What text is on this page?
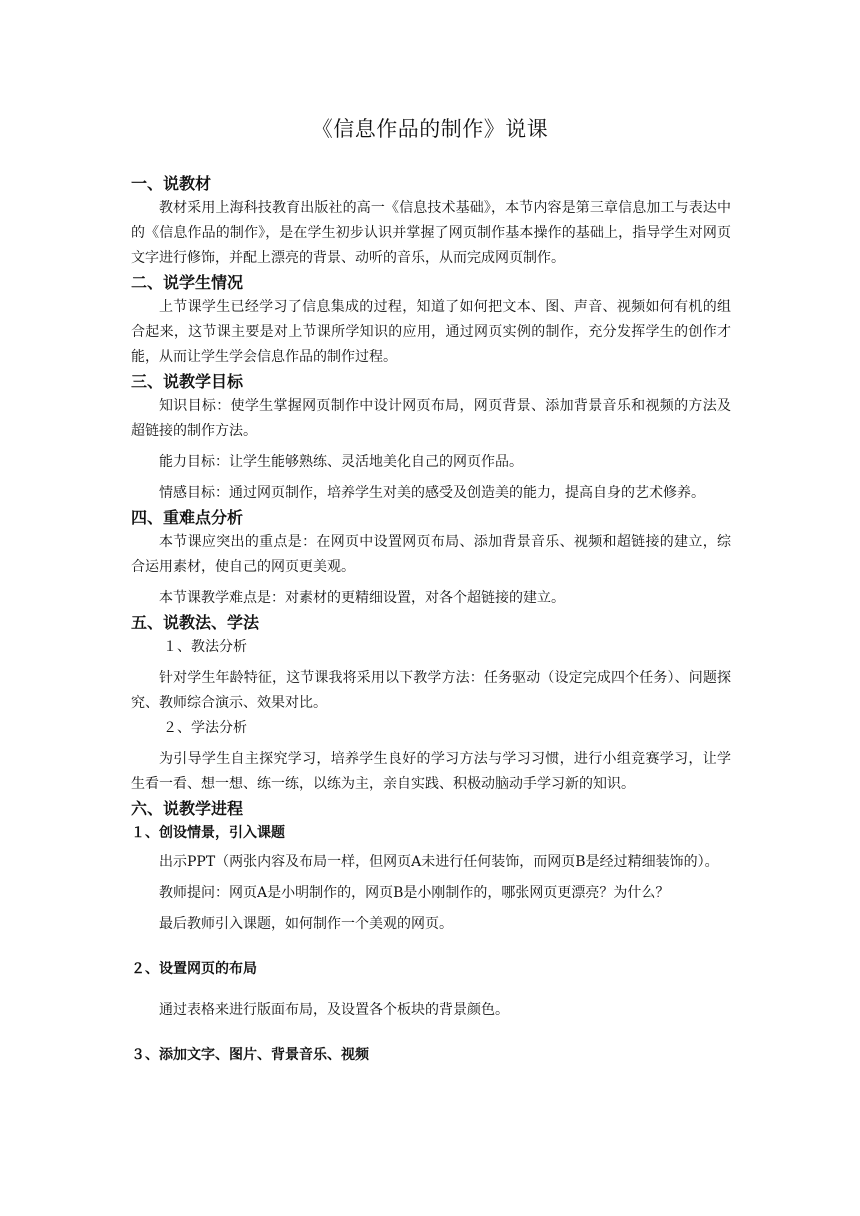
《信息作品的制作》说课
一、说教材

教材采用上海科技教育出版社的高一《信息技术基础》，本节内容是第三章信息加工与表达中的《信息作品的制作》，是在学生初步认识并掌握了网页制作基本操作的基础上，指导学生对网页文字进行修饰，并配上漂亮的背景、动听的音乐，从而完成网页制作。

二、说学生情况

上节课学生已经学习了信息集成的过程，知道了如何把文本、图、声音、视频如何有机的组合起来，这节课主要是对上节课所学知识的应用，通过网页实例的制作，充分发挥学生的创作才能，从而让学生学会信息作品的制作过程。

三、说教学目标

知识目标：使学生掌握网页制作中设计网页布局，网页背景、添加背景音乐和视频的方法及超链接的制作方法。

能力目标：让学生能够熟练、灵活地美化自己的网页作品。

情感目标：通过网页制作，培养学生对美的感受及创造美的能力，提高自身的艺术修养。

四、重难点分析

本节课应突出的重点是：在网页中设置网页布局、添加背景音乐、视频和超链接的建立，综合运用素材，使自己的网页更美观。

本节课教学难点是：对素材的更精细设置，对各个超链接的建立。

五、说教法、学法

１、教法分析

针对学生年龄特征，这节课我将采用以下教学方法：任务驱动（设定完成四个任务）、问题探究、教师综合演示、效果对比。

２、学法分析

为引导学生自主探究学习，培养学生良好的学习方法与学习习惯，进行小组竞赛学习，让学生看一看、想一想、练一练，以练为主，亲自实践、积极动脑动手学习新的知识。

六、说教学进程

１、创设情景，引入课题

出示PPT（两张内容及布局一样，但网页A未进行任何装饰，而网页B是经过精细装饰的）。

教师提问：网页A是小明制作的，网页B是小刚制作的，哪张网页更漂亮？为什么？

最后教师引入课题，如何制作一个美观的网页。

２、设置网页的布局

通过表格来进行版面布局，及设置各个板块的背景颜色。

３、添加文字、图片、背景音乐、视频
